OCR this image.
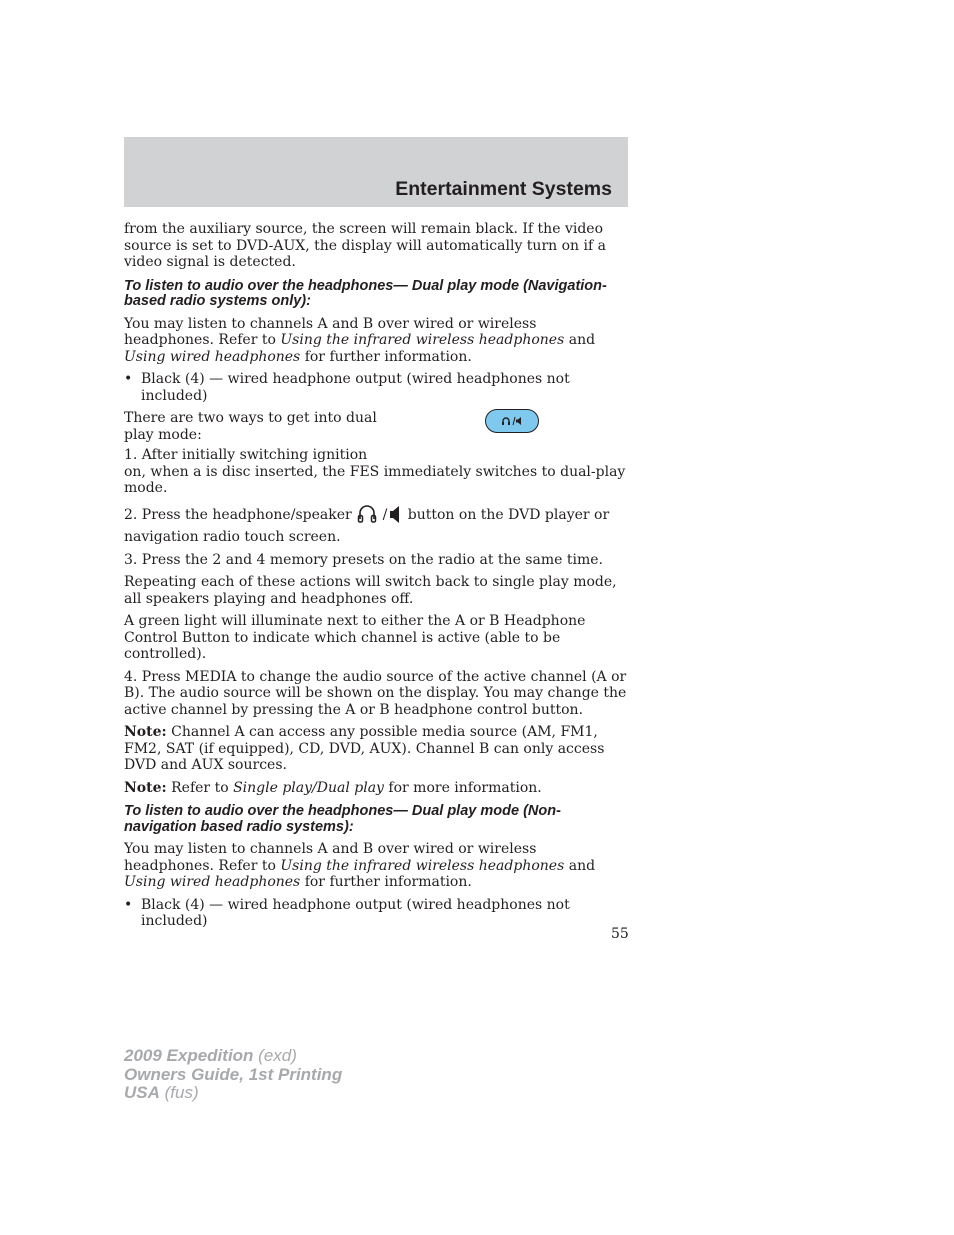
Entertainment Systems

from the auxiliary source, the screen will remain black. If the video source is set to DVD-AUX, the display will automatically turn on if a video signal is detected.

To listen to audio over the headphones— Dual play mode (Navigation-based radio systems only):

You may listen to channels A and B over wired or wireless headphones. Refer to Using the infrared wireless headphones and Using wired headphones for further information.

• Black (4) — wired headphone output (wired headphones not included)
There are two ways to get into dual play mode:

1. After initially switching ignition
on, when a is disc inserted, the FES immediately switches to dual-play mode.

2. Press the headphone/speaker  / button on the DVD player or navigation radio touch screen.

3. Press the 2 and 4 memory presets on the radio at the same time.

Repeating each of these actions will switch back to single play mode, all speakers playing and headphones off.

A green light will illuminate next to either the A or B Headphone Control Button to indicate which channel is active (able to be controlled).

4. Press MEDIA to change the audio source of the active channel (A or B). The audio source will be shown on the display. You may change the active channel by pressing the A or B headphone control button.

Note: Channel A can access any possible media source (AM, FM1, FM2, SAT (if equipped), CD, DVD, AUX). Channel B can only access DVD and AUX sources.

Note: Refer to Single play/Dual play for more information.

To listen to audio over the headphones— Dual play mode (Non-navigation based radio systems):

You may listen to channels A and B over wired or wireless headphones. Refer to Using the infrared wireless headphones and Using wired headphones for further information.

• Black (4) — wired headphone output (wired headphones not included)
55
2009 Expedition (exd)
Owners Guide, 1st Printing
USA (fus)
